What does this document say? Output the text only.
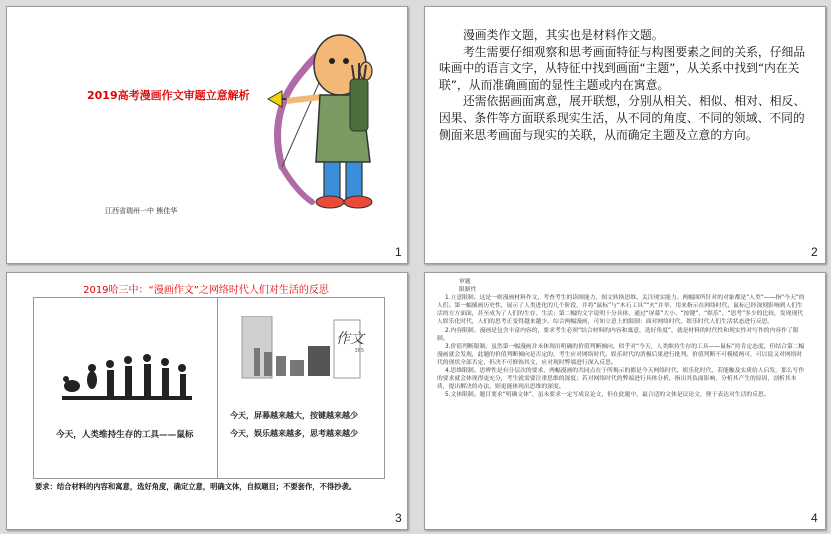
2019高考漫画作文审题立意解析
江西省瑞州一中 熊佳华
1

漫画类作文题，其实也是材料作文题。

考生需要仔细观察和思考画面特征与构图要素之间的关系，仔细品味画中的语言文字，从特征中找到画面“主题”，从关系中找到“内在关联”，从而准确画面的显性主题或内在寓意。

还需依据画面寓意，展开联想，分别从相关、相似、相对、相反、因果、条件等方面联系现实生活，从不同的角度、不同的领域、不同的侧面来思考画面与现实的关联，从而确定主题及立意的方向。

2
2019哈三中：“漫画作文”之网络时代人们对生活的反思
今天，人类维持生存的工具——鼠标
作文
365
今天，屏幕越来越大，按键越来越少
今天，娱乐越来越多，思考越来越少
要求：结合材料的内容和寓意，选好角度，确定立意，明确文体，自拟题目；不要套作，不得抄袭。
3

审题

限制性

1.立意限制。这是一则漫画材料作文，考查考生的读图能力、图文转换思维、关注现实能力。两幅图所针对的对象都是“人类”——指“今天”的人们。第一幅插画历史性，展示了人类进化的几个阶段，并将“鼠标”与“木石工具”“火”并举，用来指示在网络时代，鼠标已经深刻影响到人们生活的方方面面，甚至成为了人们的生存、生活；第二幅的文字说明十分具体，通过“屏幕”大小、“按键”、“娱乐”、“思考”多少的比较，发现现代人娱乐化时代，人们的思考正变得越来越少。综合两幅漫画，可知立意上的限制：面对网络时代、娱乐时代人们生活状态进行反思。

2.内容限制。漫画是包含丰富内容的，要求考生必须“结合材料的内容和寓意，选好角度”，就是材料的时代性和现实性对写作的内容作了限制。

3.价值判断限制。虽然第一幅漫画并未体现出明确的价值判断倾向，似乎对“今天，人类维持生存的工具——鼠标”持肯定态度，但结合第二幅漫画就会发现，此题的价值判断倾向是否定的，考生应对网络时代、娱乐时代的消极后果进行批判。价值判断不可模棱两可，可以说又对网络时代的现状全部否定，但决不可修饰其文，应对现时弊端进行深入反思。

4.思维限制。思辨性是有分层次的要求，两幅漫画的共同点在于所揭示的都是今天网络时代、娱乐化时代，若能触及实质给人启发，那么写作的要求就会体现得更充分，考生就需要注重思维的深度；若对网络时代的弊端进行具体分析，指出其负面影响，分析其产生的原因，剖析其本质，提出解决的办法，则更能体现出思维的深度。

5.文体限制。题目要求“明确文体”，虽未要求一定写成议论文，但在此题中，最合适的文体是议论文，便于表达对生活的反思。

4
